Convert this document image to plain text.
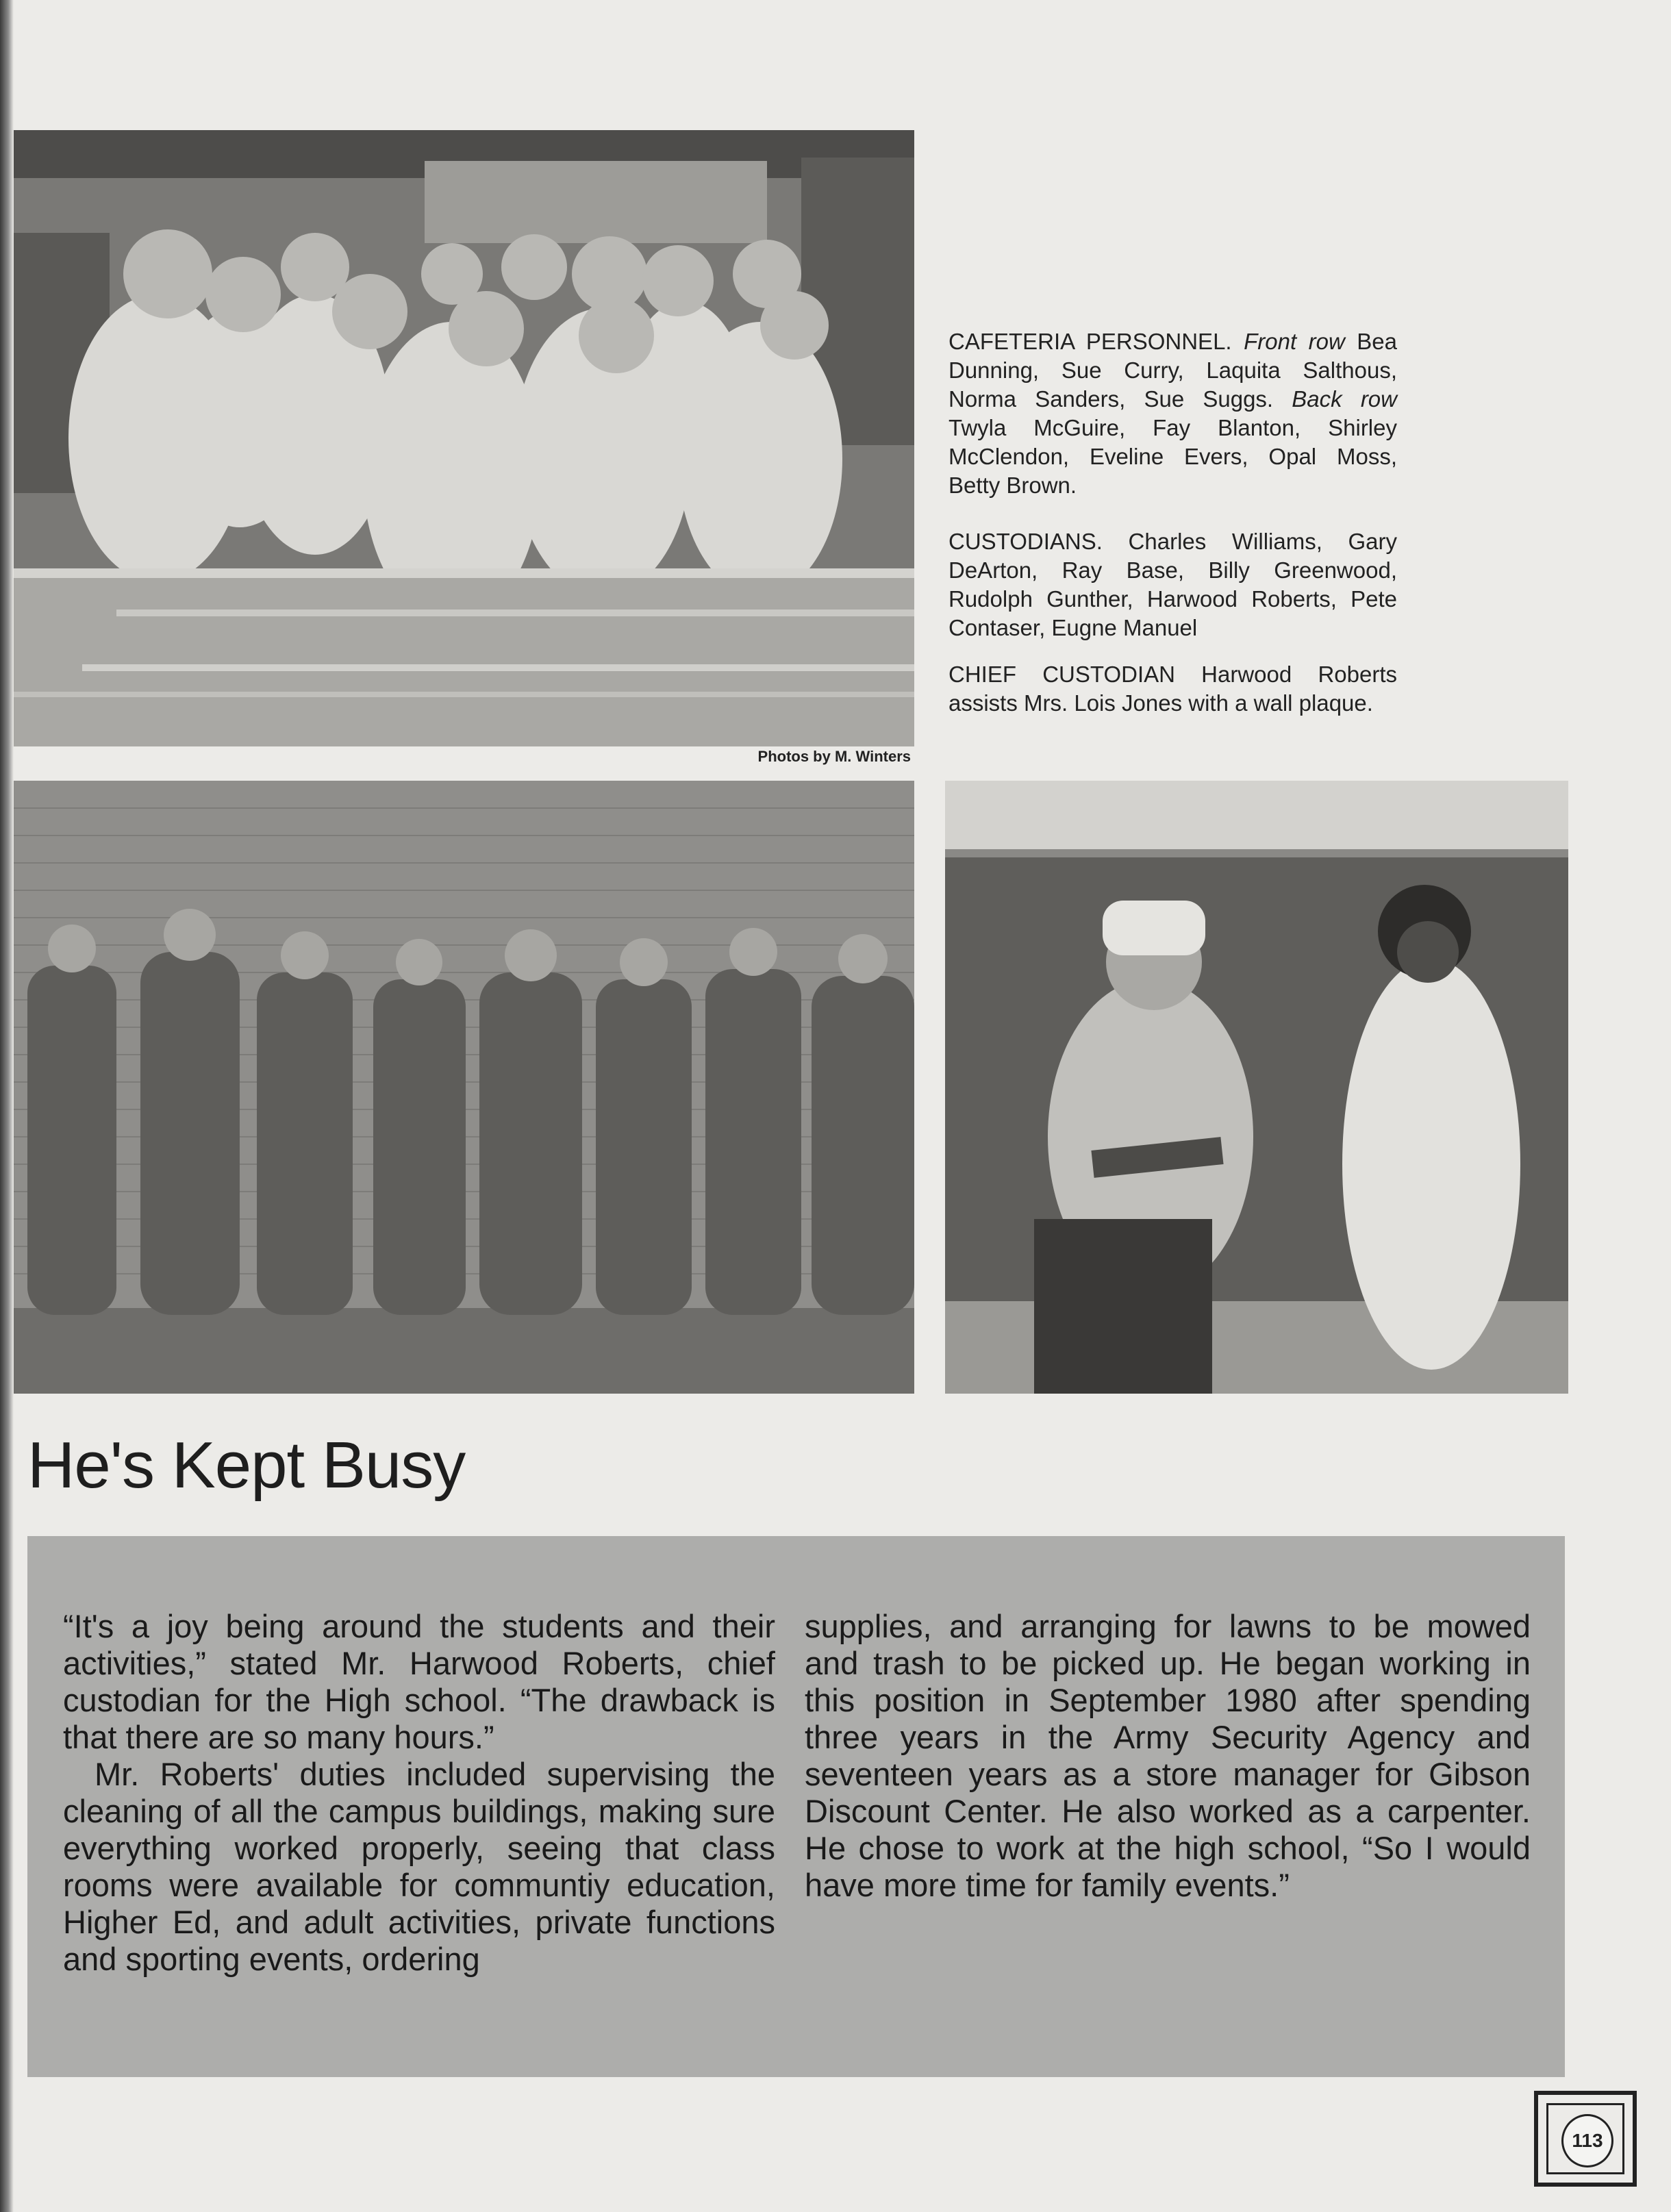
Photos by M. Winters
CAFETERIA PERSONNEL. Front row Bea Dunning, Sue Curry, Laquita Salthous, Norma Sanders, Sue Suggs. Back row Twyla McGuire, Fay Blanton, Shirley McClendon, Eveline Evers, Opal Moss, Betty Brown.
CUSTODIANS. Charles Williams, Gary DeArton, Ray Base, Billy Greenwood, Rudolph Gunther, Harwood Roberts, Pete Contaser, Eugne Manuel
CHIEF CUSTODIAN Harwood Roberts assists Mrs. Lois Jones with a wall plaque.
He's Kept Busy

“It's a joy being around the students and their activities,” stated Mr. Harwood Roberts, chief custodian for the High school. “The drawback is that there are so many hours.”

Mr. Roberts' duties included supervising the cleaning of all the campus buildings, making sure everything worked properly, seeing that class rooms were available for communtiy education, Higher Ed, and adult activities, private functions and sporting events, ordering

supplies, and arranging for lawns to be mowed and trash to be picked up. He began working in this position in September 1980 after spending three years in the Army Security Agency and seventeen years as a store manager for Gibson Discount Center. He also worked as a carpenter. He chose to work at the high school, “So I would have more time for family events.”

113
